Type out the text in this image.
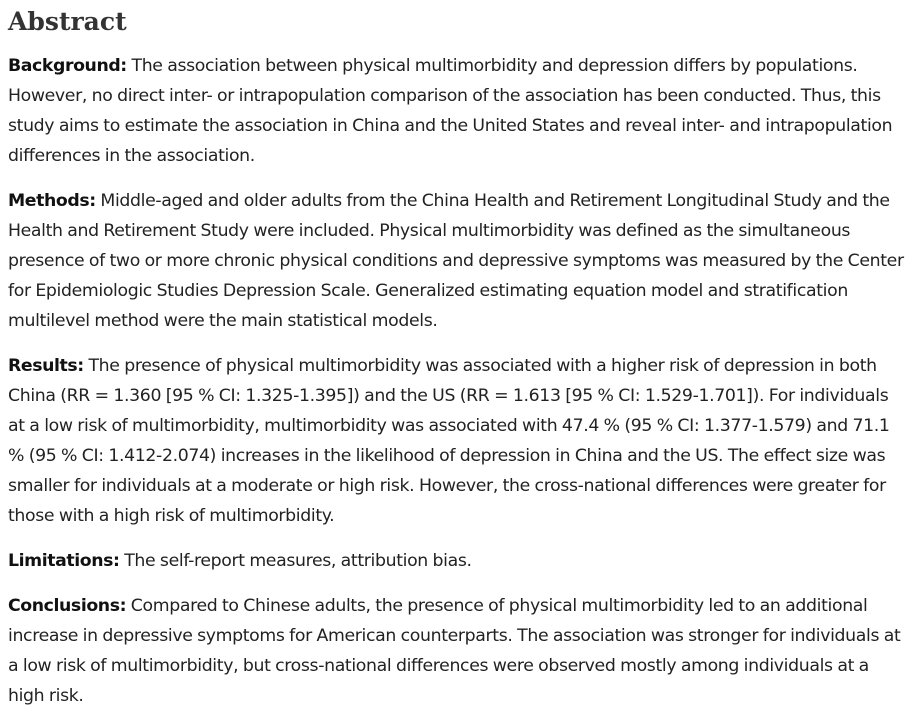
Abstract

Background: The association between physical multimorbidity and depression differs by populations. However, no direct inter- or intrapopulation comparison of the association has been conducted. Thus, this study aims to estimate the association in China and the United States and reveal inter- and intrapopulation differences in the association.

Methods: Middle-aged and older adults from the China Health and Retirement Longitudinal Study and the Health and Retirement Study were included. Physical multimorbidity was defined as the simultaneous presence of two or more chronic physical conditions and depressive symptoms was measured by the Center for Epidemiologic Studies Depression Scale. Generalized estimating equation model and stratification multilevel method were the main statistical models.

Results: The presence of physical multimorbidity was associated with a higher risk of depression in both China (RR = 1.360 [95 % CI: 1.325-1.395]) and the US (RR = 1.613 [95 % CI: 1.529-1.701]). For individuals at a low risk of multimorbidity, multimorbidity was associated with 47.4 % (95 % CI: 1.377-1.579) and 71.1 % (95 % CI: 1.412-2.074) increases in the likelihood of depression in China and the US. The effect size was smaller for individuals at a moderate or high risk. However, the cross-national differences were greater for those with a high risk of multimorbidity.

Limitations: The self-report measures, attribution bias.

Conclusions: Compared to Chinese adults, the presence of physical multimorbidity led to an additional increase in depressive symptoms for American counterparts. The association was stronger for individuals at a low risk of multimorbidity, but cross-national differences were observed mostly among individuals at a high risk.
